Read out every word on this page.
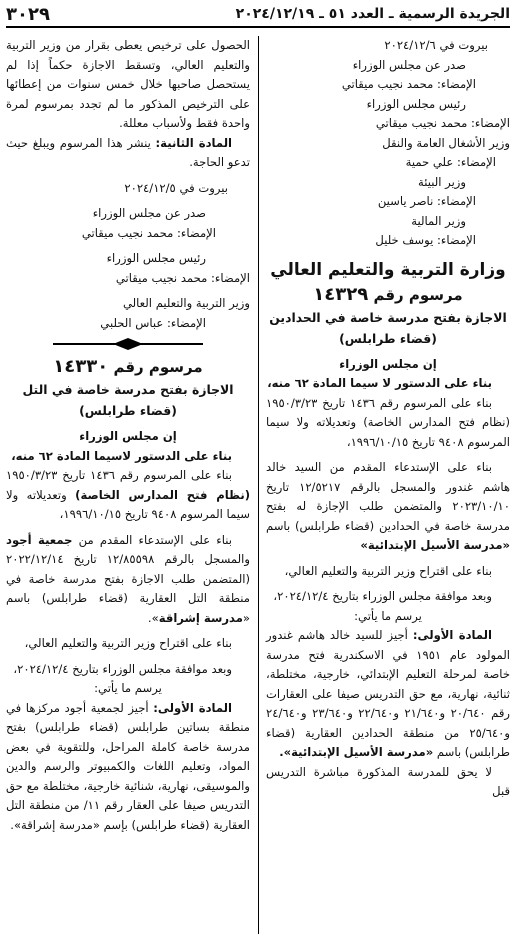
الجريدة الرسمية ـ العدد ٥١ ـ ٢٠٢٤/١٢/١٩
٣٠٢٩
بيروت في ٢٠٢٤/١٢/٦
صدر عن مجلس الوزراء
الإمضاء: محمد نجيب ميقاتي
رئيس مجلس الوزراء
الإمضاء: محمد نجيب ميقاتي
وزير الأشغال العامة والنقل
الإمضاء: علي حمية
وزير البيئة
الإمضاء: ناصر ياسين
وزير المالية
الإمضاء: يوسف خليل
وزارة التربية والتعليم العالي
مرسوم رقم ١٤٣٢٩
الاجازة بفتح مدرسة خاصة في الحدادين
(قضاء طرابلس)
إن مجلس الوزراء

بناء على الدستور لا سيما المادة ٦٢ منه،

بناء على المرسوم رقم ١٤٣٦ تاريخ ١٩٥٠/٣/٢٣ (نظام فتح المدارس الخاصة) وتعديلاته ولا سيما المرسوم ٩٤٠٨ تاريخ ١٩٩٦/١٠/١٥،

بناء على الإستدعاء المقدم من السيد خالد هاشم غندور والمسجل بالرقم ١٢/٥٢١٧ تاريخ ٢٠٢٣/١٠/١٠ والمتضمن طلب الإجازة له بفتح مدرسة خاصة في الحدادين (قضاء طرابلس) باسم «مدرسة الأسيل الإبتدائية»

بناء على اقتراح وزير التربية والتعليم العالي،

وبعد موافقة مجلس الوزراء بتاريخ ٢٠٢٤/١٢/٤،

يرسم ما يأتي:

المادة الأولى: أجيز للسيد خالد هاشم غندور المولود عام ١٩٥١ في الاسكندرية فتح مدرسة خاصة لمرحلة التعليم الإبتدائي، خارجية، مختلطة، ثنائية، نهارية، مع حق التدريس صيفا على العقارات رقم ٢٠/٦٤٠ و٢١/٦٤٠ و٢٢/٦٤٠ و٢٣/٦٤٠ و٢٤/٦٤٠ و٢٥/٦٤٠ من منطقة الحدادين العقارية (قضاء طرابلس) باسم «مدرسة الأسيل الإبتدائية».

لا يحق للمدرسة المذكورة مباشرة التدريس قبل

الحصول على ترخيص يعطى بقرار من وزير التربية والتعليم العالي، وتسقط الاجازة حكماً إذا لم يستحصل صاحبها خلال خمس سنوات من إعطائها على الترخيص المذكور ما لم تجدد بمرسوم لمرة واحدة فقط ولأسباب معللة.

المادة الثانية: ينشر هذا المرسوم ويبلغ حيث تدعو الحاجة.

بيروت في ٢٠٢٤/١٢/٥
صدر عن مجلس الوزراء
الإمضاء: محمد نجيب ميقاتي
رئيس مجلس الوزراء
الإمضاء: محمد نجيب ميقاتي
وزير التربية والتعليم العالي
الإمضاء: عباس الحلبي
مرسوم رقم ١٤٣٣٠
الاجازة بفتح مدرسة خاصة في التل
(قضاء طرابلس)
إن مجلس الوزراء

بناء على الدستور لاسيما المادة ٦٢ منه،

بناء على المرسوم رقم ١٤٣٦ تاريخ ١٩٥٠/٣/٢٣ (نظام فتح المدارس الخاصة) وتعديلاته ولا سيما المرسوم ٩٤٠٨ تاريخ ١٩٩٦/١٠/١٥،

بناء على الإستدعاء المقدم من جمعية أجود والمسجل بالرقم ١٢/٨٥٥٩٨ تاريخ ٢٠٢٢/١٢/١٤ (المتضمن طلب الاجازة بفتح مدرسة خاصة في منطقة التل العقارية (قضاء طرابلس) باسم «مدرسة إشراقة».

بناء على اقتراح وزير التربية والتعليم العالي،

وبعد موافقة مجلس الوزراء بتاريخ ٢٠٢٤/١٢/٤،

يرسم ما يأتي:

المادة الأولى: أجيز لجمعية أجود مركزها في منطقة بساتين طرابلس (قضاء طرابلس) بفتح مدرسة خاصة كاملة المراحل، وللتقوية في بعض المواد، وتعليم اللغات والكمبيوتر والرسم والدين والموسيقى، نهارية، شنائية خارجية، مختلطة مع حق التدريس صيفا على العقار رقم ١١/ من منطقة التل العقارية (قضاء طرابلس) بإسم «مدرسة إشراقة».
